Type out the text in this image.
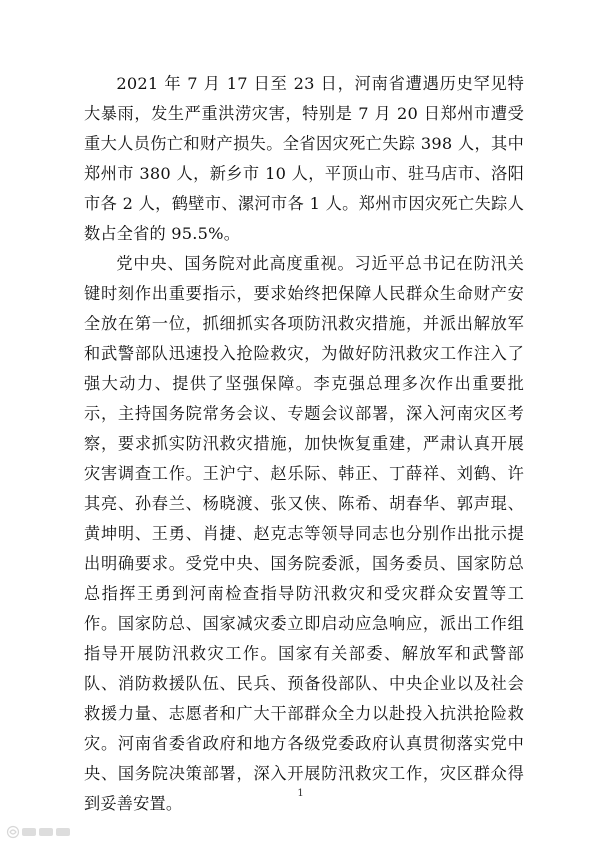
2021 年 7 月 17 日至 23 日，河南省遭遇历史罕见特大暴雨，发生严重洪涝灾害，特别是 7 月 20 日郑州市遭受重大人员伤亡和财产损失。全省因灾死亡失踪 398 人，其中郑州市 380 人，新乡市 10 人，平顶山市、驻马店市、洛阳市各 2 人，鹤壁市、漯河市各 1 人。郑州市因灾死亡失踪人数占全省的 95.5%。

党中央、国务院对此高度重视。习近平总书记在防汛关键时刻作出重要指示，要求始终把保障人民群众生命财产安全放在第一位，抓细抓实各项防汛救灾措施，并派出解放军和武警部队迅速投入抢险救灾，为做好防汛救灾工作注入了强大动力、提供了坚强保障。李克强总理多次作出重要批示，主持国务院常务会议、专题会议部署，深入河南灾区考察，要求抓实防汛救灾措施，加快恢复重建，严肃认真开展灾害调查工作。王沪宁、赵乐际、韩正、丁薛祥、刘鹤、许其亮、孙春兰、杨晓渡、张又侠、陈希、胡春华、郭声琨、黄坤明、王勇、肖捷、赵克志等领导同志也分别作出批示提出明确要求。受党中央、国务院委派，国务委员、国家防总总指挥王勇到河南检查指导防汛救灾和受灾群众安置等工作。国家防总、国家减灾委立即启动应急响应，派出工作组指导开展防汛救灾工作。国家有关部委、解放军和武警部队、消防救援队伍、民兵、预备役部队、中央企业以及社会救援力量、志愿者和广大干部群众全力以赴投入抗洪抢险救灾。河南省委省政府和地方各级党委政府认真贯彻落实党中央、国务院决策部署，深入开展防汛救灾工作，灾区群众得到妥善安置。

1
